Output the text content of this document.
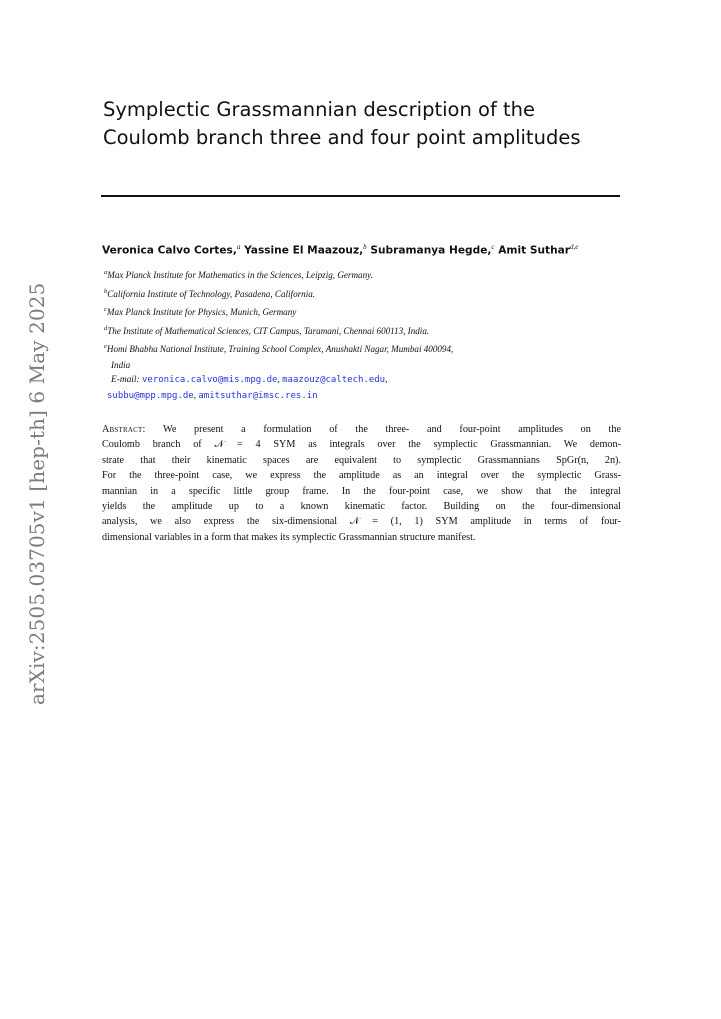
arXiv:2505.03705v1 [hep-th] 6 May 2025
Symplectic Grassmannian description of the
Coulomb branch three and four point amplitudes
Veronica Calvo Cortes,$^a$ Yassine El Maazouz,$^b$ Subramanya Hegde,$^c$ Amit Suthar$^{d,e}$
$^a$Max Planck Institute for Mathematics in the Sciences, Leipzig, Germany.
$^b$California Institute of Technology, Pasadena, California.
$^c$Max Planck Institute for Physics, Munich, Germany
$^d$The Institute of Mathematical Sciences, CIT Campus, Taramani, Chennai 600113, India.
$^e$Homi Bhabha National Institute, Training School Complex, Anushakti Nagar, Mumbai 400094,
India
E-mail: veronica.calvo@mis.mpg.de, maazouz@caltech.edu,
subbu@mpp.mpg.de, amitsuthar@imsc.res.in
Abstract: We present a formulation of the three- and four-point amplitudes on the
Coulomb branch of 𝒩 = 4 SYM as integrals over the symplectic Grassmannian. We demon-
strate that their kinematic spaces are equivalent to symplectic Grassmannians SpGr(n, 2n).
For the three-point case, we express the amplitude as an integral over the symplectic Grass-
mannian in a specific little group frame. In the four-point case, we show that the integral
yields the amplitude up to a known kinematic factor. Building on the four-dimensional
analysis, we also express the six-dimensional 𝒩 = (1, 1) SYM amplitude in terms of four-
dimensional variables in a form that makes its symplectic Grassmannian structure manifest.
